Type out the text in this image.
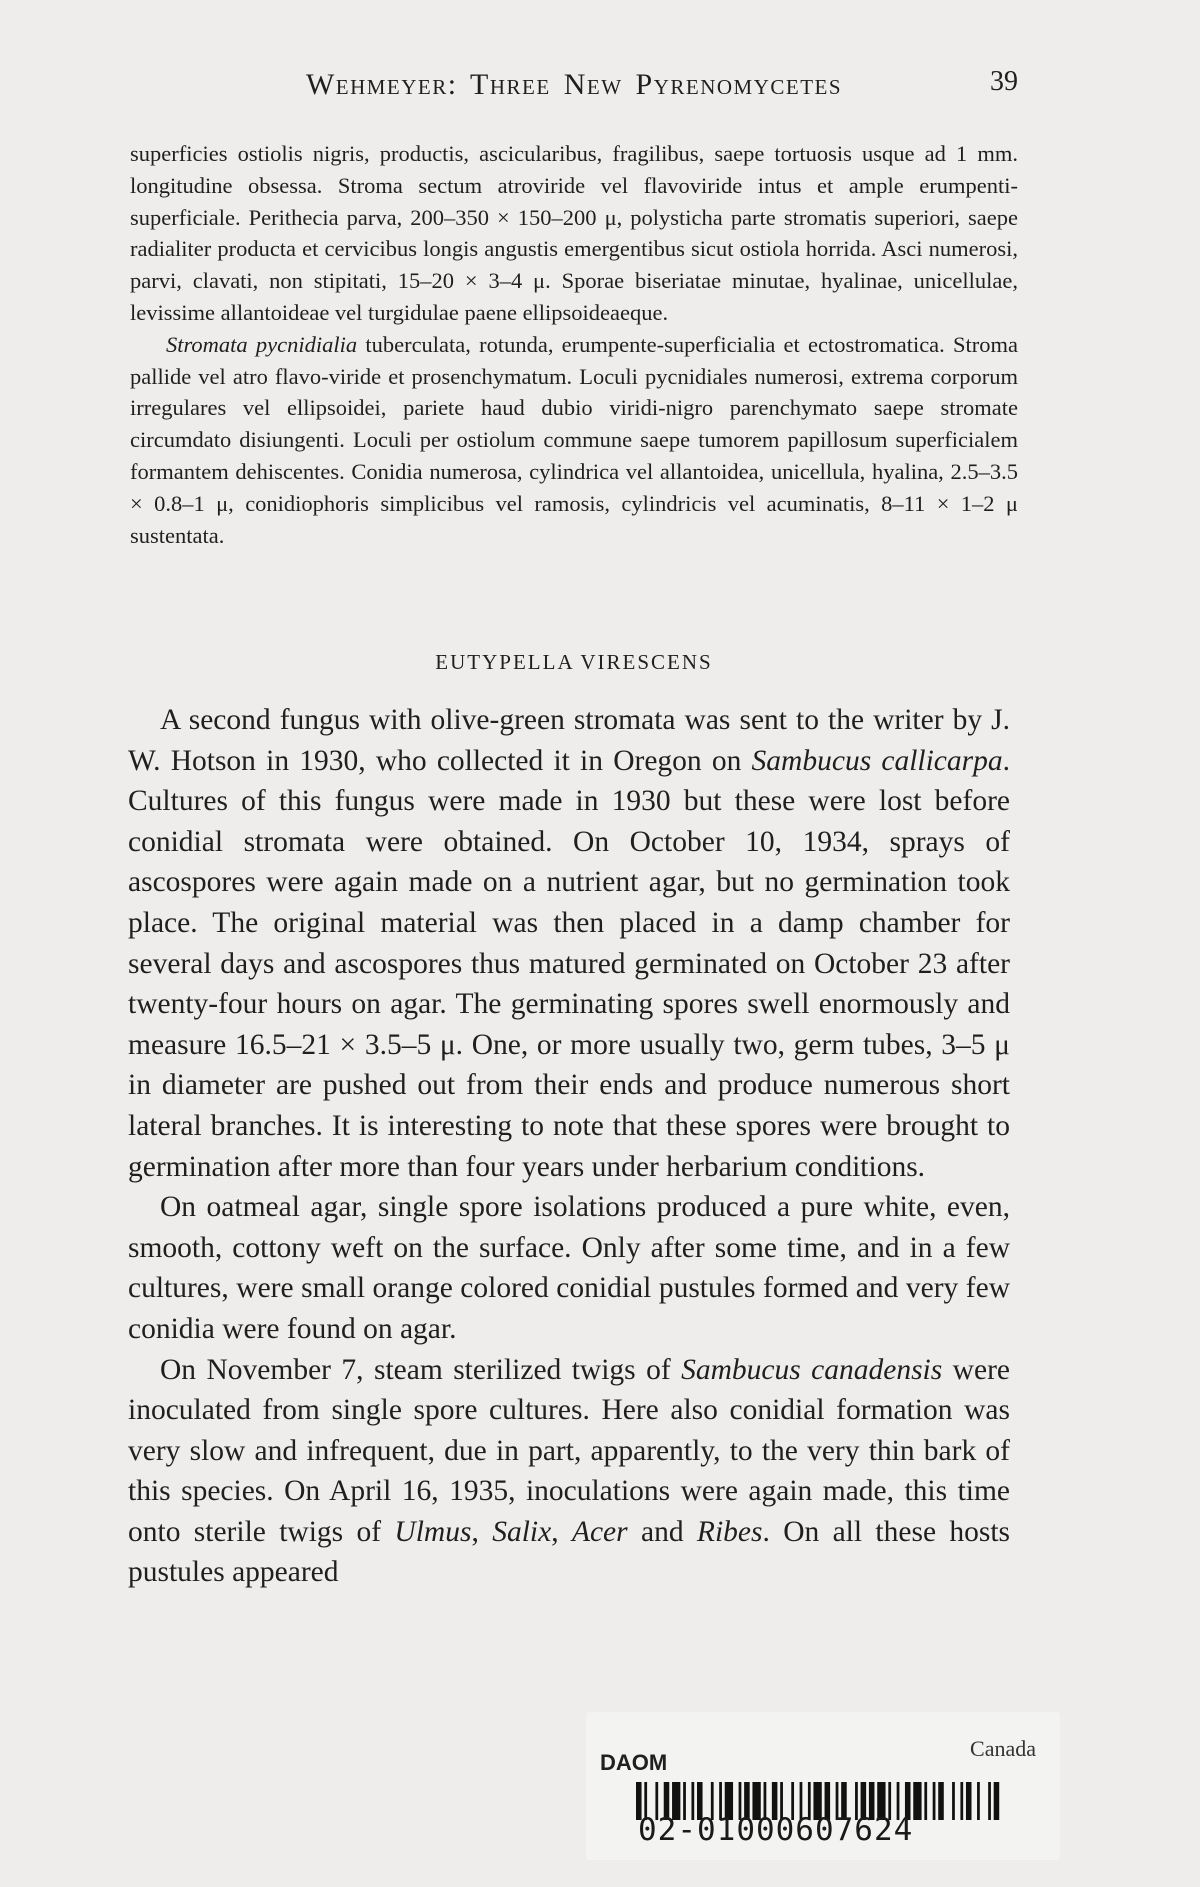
Wehmeyer: Three New Pyrenomycetes	39

superficies ostiolis nigris, productis, ascicularibus, fragilibus, saepe tortuosis usque ad 1 mm. longitudine obsessa. Stroma sectum atroviride vel flavoviride intus et ample erumpenti-superficiale. Perithecia parva, 200–350 × 150–200 μ, polysticha parte stromatis superiori, saepe radialiter producta et cervicibus longis angustis emergentibus sicut ostiola horrida. Asci numerosi, parvi, clavati, non stipitati, 15–20 × 3–4 μ. Sporae biseriatae minutae, hyalinae, unicellulae, levissime allantoideae vel turgidulae paene ellipsoideaeque.

Stromata pycnidialia tuberculata, rotunda, erumpente-superficialia et ectostromatica. Stroma pallide vel atro flavo-viride et prosenchymatum. Loculi pycnidiales numerosi, extrema corporum irregulares vel ellipsoidei, pariete haud dubio viridi-nigro parenchymato saepe stromate circumdato disiungenti. Loculi per ostiolum commune saepe tumorem papillosum superficialem formantem dehiscentes. Conidia numerosa, cylindrica vel allantoidea, unicellula, hyalina, 2.5–3.5 × 0.8–1 μ, conidiophoris simplicibus vel ramosis, cylindricis vel acuminatis, 8–11 × 1–2 μ sustentata.

EUTYPELLA VIRESCENS

A second fungus with olive-green stromata was sent to the writer by J. W. Hotson in 1930, who collected it in Oregon on Sambucus callicarpa. Cultures of this fungus were made in 1930 but these were lost before conidial stromata were obtained. On October 10, 1934, sprays of ascospores were again made on a nutrient agar, but no germination took place. The original material was then placed in a damp chamber for several days and ascospores thus matured germinated on October 23 after twenty-four hours on agar. The germinating spores swell enormously and measure 16.5–21 × 3.5–5 μ. One, or more usually two, germ tubes, 3–5 μ in diameter are pushed out from their ends and produce numerous short lateral branches. It is interesting to note that these spores were brought to germination after more than four years under herbarium conditions.

On oatmeal agar, single spore isolations produced a pure white, even, smooth, cottony weft on the surface. Only after some time, and in a few cultures, were small orange colored conidial pustules formed and very few conidia were found on agar.

On November 7, steam sterilized twigs of Sambucus canadensis were inoculated from single spore cultures. Here also conidial formation was very slow and infrequent, due in part, apparently, to the very thin bark of this species. On April 16, 1935, inoculations were again made, this time onto sterile twigs of Ulmus, Salix, Acer and Ribes. On all these hosts pustules appeared

DAOM
Canada
02-01000607624
